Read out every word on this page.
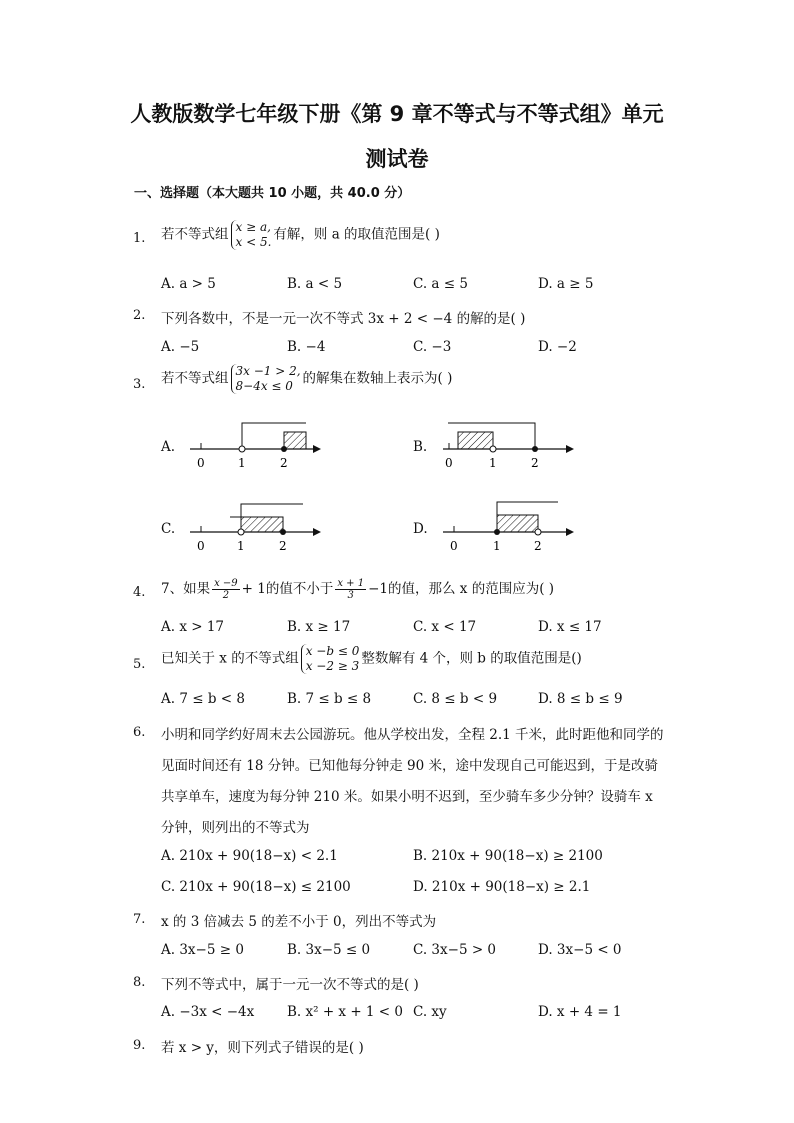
人教版数学七年级下册《第 9 章不等式与不等式组》单元
测试卷
一、选择题（本大题共 10 小题，共 40.0 分）
1. 若不等式组 x ≥ a,
x < 5. 有解，则 a 的取值范围是( )
A. a > 5	B. a < 5	C. a ≤ 5	D. a ≥ 5
2. 下列各数中，不是一元一次不等式 3x + 2 < −4 的解的是( )
A. −5	B. −4	C. −3	D. −2
3. 若不等式组 3x −1 > 2,
8−4x ≤ 0 的解集在数轴上表示为( )
A.
0	1	2
B.
0	1	2
C.
0	1	2
D.
0	1	2
4. 7、如果 $\frac{x -9}{2} + 1$的值不小于 $\frac{x + 1}{3} -1$的值，那么 x 的范围应为( )
A. x > 17	B. x ≥ 17	C. x < 17	D. x ≤ 17
5. 已知关于 x 的不等式组 x −b ≤ 0
x −2 ≥ 3 整数解有 4 个，则 b 的取值范围是()
A. 7 ≤ b < 8	B. 7 ≤ b ≤ 8	C. 8 ≤ b < 9	D. 8 ≤ b ≤ 9
6. 小明和同学约好周末去公园游玩。他从学校出发，全程 2.1 千米，此时距他和同学的
见面时间还有 18 分钟。已知他每分钟走 90 米，途中发现自己可能迟到，于是改骑
共享单车，速度为每分钟 210 米。如果小明不迟到，至少骑车多少分钟？设骑车 x
分钟，则列出的不等式为
A. 210x + 90(18−x) < 2.1	B. 210x + 90(18−x) ≥ 2100
C. 210x + 90(18−x) ≤ 2100	D. 210x + 90(18−x) ≥ 2.1
7. x 的 3 倍减去 5 的差不小于 0，列出不等式为
A. 3x−5 ≥ 0	B. 3x−5 ≤ 0	C. 3x−5 > 0	D. 3x−5 < 0
8. 下列不等式中，属于一元一次不等式的是( )
A. −3x < −4x B. x² + x + 1 < 0 C. xy	D. x + 4 = 1
9. 若 x > y，则下列式子错误的是( )
